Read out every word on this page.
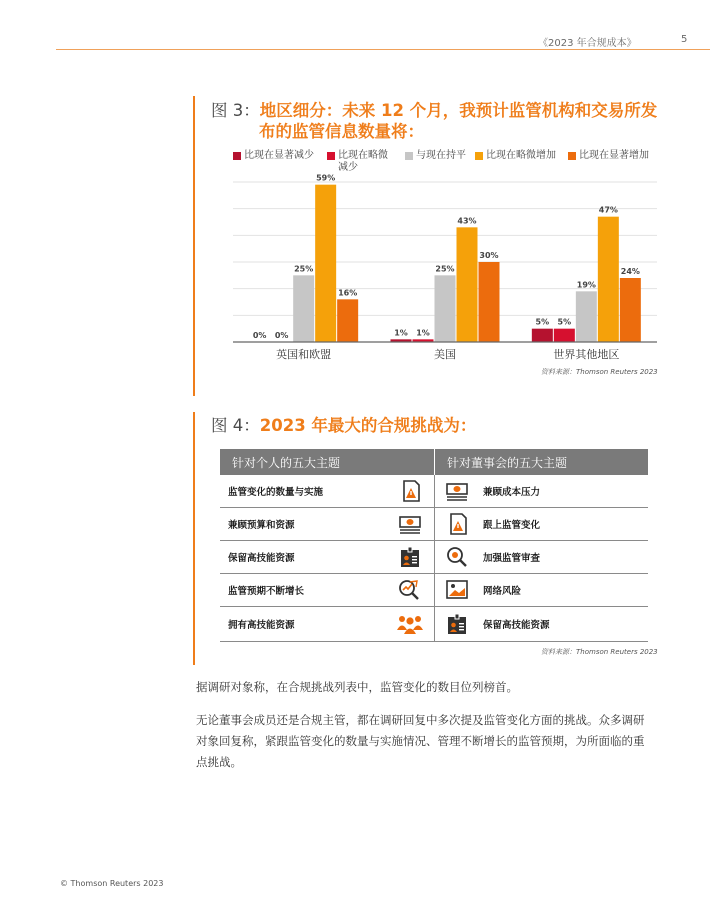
《2023 年合规成本》	5
图 3：地区细分：未来 12 个月，我预计监管机构和交易所发
布的监管信息数量将：
比现在显著减少 比现在略微
减少
与现在持平 比现在略微增加 比现在显著增加
0% 0%
25%
59%
16%
英国和欧盟
1% 1%
25%
43%
30%
美国
5% 5%
19%
47%
24%
世界其他地区
资料来源：Thomson Reuters 2023
图 4：2023 年最大的合规挑战为：
针对个人的五大主题		针对董事会的五大主题	
监管变化的数量与实施			兼顾成本压力
兼顾预算和资源			跟上监管变化
保留高技能资源			加强监管审查
监管预期不断增长			网络风险
拥有高技能资源			保留高技能资源
资料来源：Thomson Reuters 2023
据调研对象称，在合规挑战列表中，监管变化的数目位列榜首。
无论董事会成员还是合规主管，都在调研回复中多次提及监管变化方面的挑战。众多调研对象回复称，紧跟监管变化的数量与实施情况、管理不断增长的监管预期，为所面临的重点挑战。
© Thomson Reuters 2023
